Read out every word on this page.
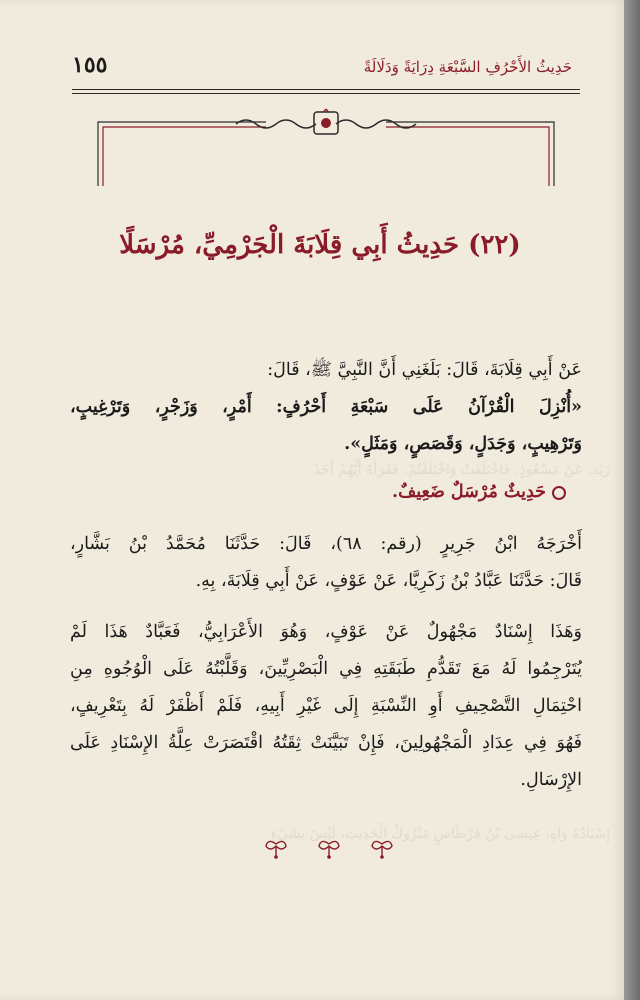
زَيْد، عَنْ مَسْعُودٍ، فَاخْتَلَفَتْ وَاخْتَلَفْتُمْ، فَقَرَأَهُ أَيُّهُمْ أَخَذَ
إِسْنَادُهُ وَاهٍ، عِيسَى بْنُ قِرْطَاسٍ مَتْرُوكُ الْحَدِيثِ، لَيْسَ بِشَيْءٍ
١٥٥	حَدِيثُ الأَحْرُفِ السَّبْعَةِ دِرَايَةً وَدَلَالَةً
(٢٢) حَدِيثُ أَبِي قِلَابَةَ الْجَرْمِيِّ، مُرْسَلًا
عَنْ أَبِي قِلَابَةَ، قَالَ: بَلَغَنِي أَنَّ النَّبِيَّ ﷺ، قَالَ:
«أُنْزِلَ الْقُرْآنُ عَلَى سَبْعَةِ أَحْرُفٍ: أَمْرٍ، وَزَجْرٍ، وَتَرْغِيبٍ،
وَتَرْهِيبٍ، وَجَدَلٍ، وَقَصَصٍ، وَمَثَلٍ».
حَدِيثٌ مُرْسَلٌ ضَعِيفٌ.
أَخْرَجَهُ ابْنُ جَرِيرٍ (رقم: ٦٨)، قَالَ: حَدَّثَنَا مُحَمَّدُ بْنُ بَشَّارٍ،
قَالَ: حَدَّثَنَا عَبَّادُ بْنُ زَكَرِيَّا، عَنْ عَوْفٍ، عَنْ أَبِي قِلَابَةَ، بِهِ.
وَهَذَا إِسْنَادٌ مَجْهُولٌ عَنْ عَوْفٍ، وَهُوَ الأَعْرَابِيُّ، فَعَبَّادٌ هَذَا لَمْ
يُتَرْجِمُوا لَهُ مَعَ تَقَدُّمِ طَبَقَتِهِ فِي الْبَصْرِيِّينَ، وَقَلَّبْتُهُ عَلَى الْوُجُوهِ مِنِ
احْتِمَالِ التَّصْحِيفِ أَوِ النِّسْبَةِ إِلَى غَيْرِ أَبِيهِ، فَلَمْ أَظْفَرْ لَهُ بِتَعْرِيفٍ،
فَهُوَ فِي عِدَادِ الْمَجْهُولِينَ، فَإِنْ تَبَيَّنَتْ ثِقَتُهُ اقْتَصَرَتْ عِلَّةُ الإِسْنَادِ عَلَى
الإِرْسَالِ.
